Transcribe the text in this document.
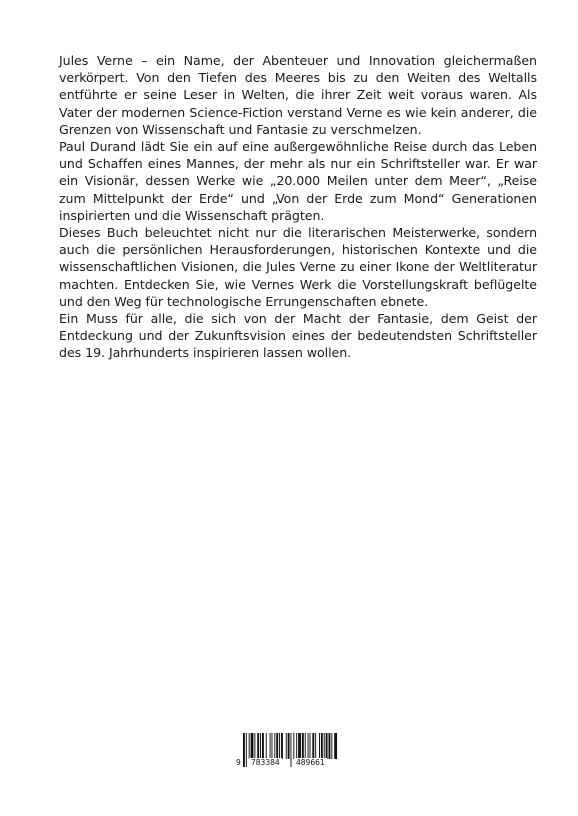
Jules Verne – ein Name, der Abenteuer und Innovation gleichermaßen verkörpert. Von den Tiefen des Meeres bis zu den Weiten des Weltalls entführte er seine Leser in Welten, die ihrer Zeit weit voraus waren. Als Vater der modernen Science-Fiction verstand Verne es wie kein anderer, die Grenzen von Wissenschaft und Fantasie zu verschmelzen.

Paul Durand lädt Sie ein auf eine außergewöhnliche Reise durch das Leben und Schaffen eines Mannes, der mehr als nur ein Schriftsteller war. Er war ein Visionär, dessen Werke wie „20.000 Meilen unter dem Meer“, „Reise zum Mittelpunkt der Erde“ und „Von der Erde zum Mond“ Generationen inspirierten und die Wissenschaft prägten.

Dieses Buch beleuchtet nicht nur die literarischen Meisterwerke, sondern auch die persönlichen Herausforderungen, historischen Kontexte und die wissenschaftlichen Visionen, die Jules Verne zu einer Ikone der Weltliteratur machten. Entdecken Sie, wie Vernes Werk die Vorstellungskraft beflügelte und den Weg für technologische Errungenschaften ebnete.

Ein Muss für alle, die sich von der Macht der Fantasie, dem Geist der Entdeckung und der Zukunftsvision eines der bedeutendsten Schriftsteller des 19. Jahrhunderts inspirieren lassen wollen.

9 783384 489661
